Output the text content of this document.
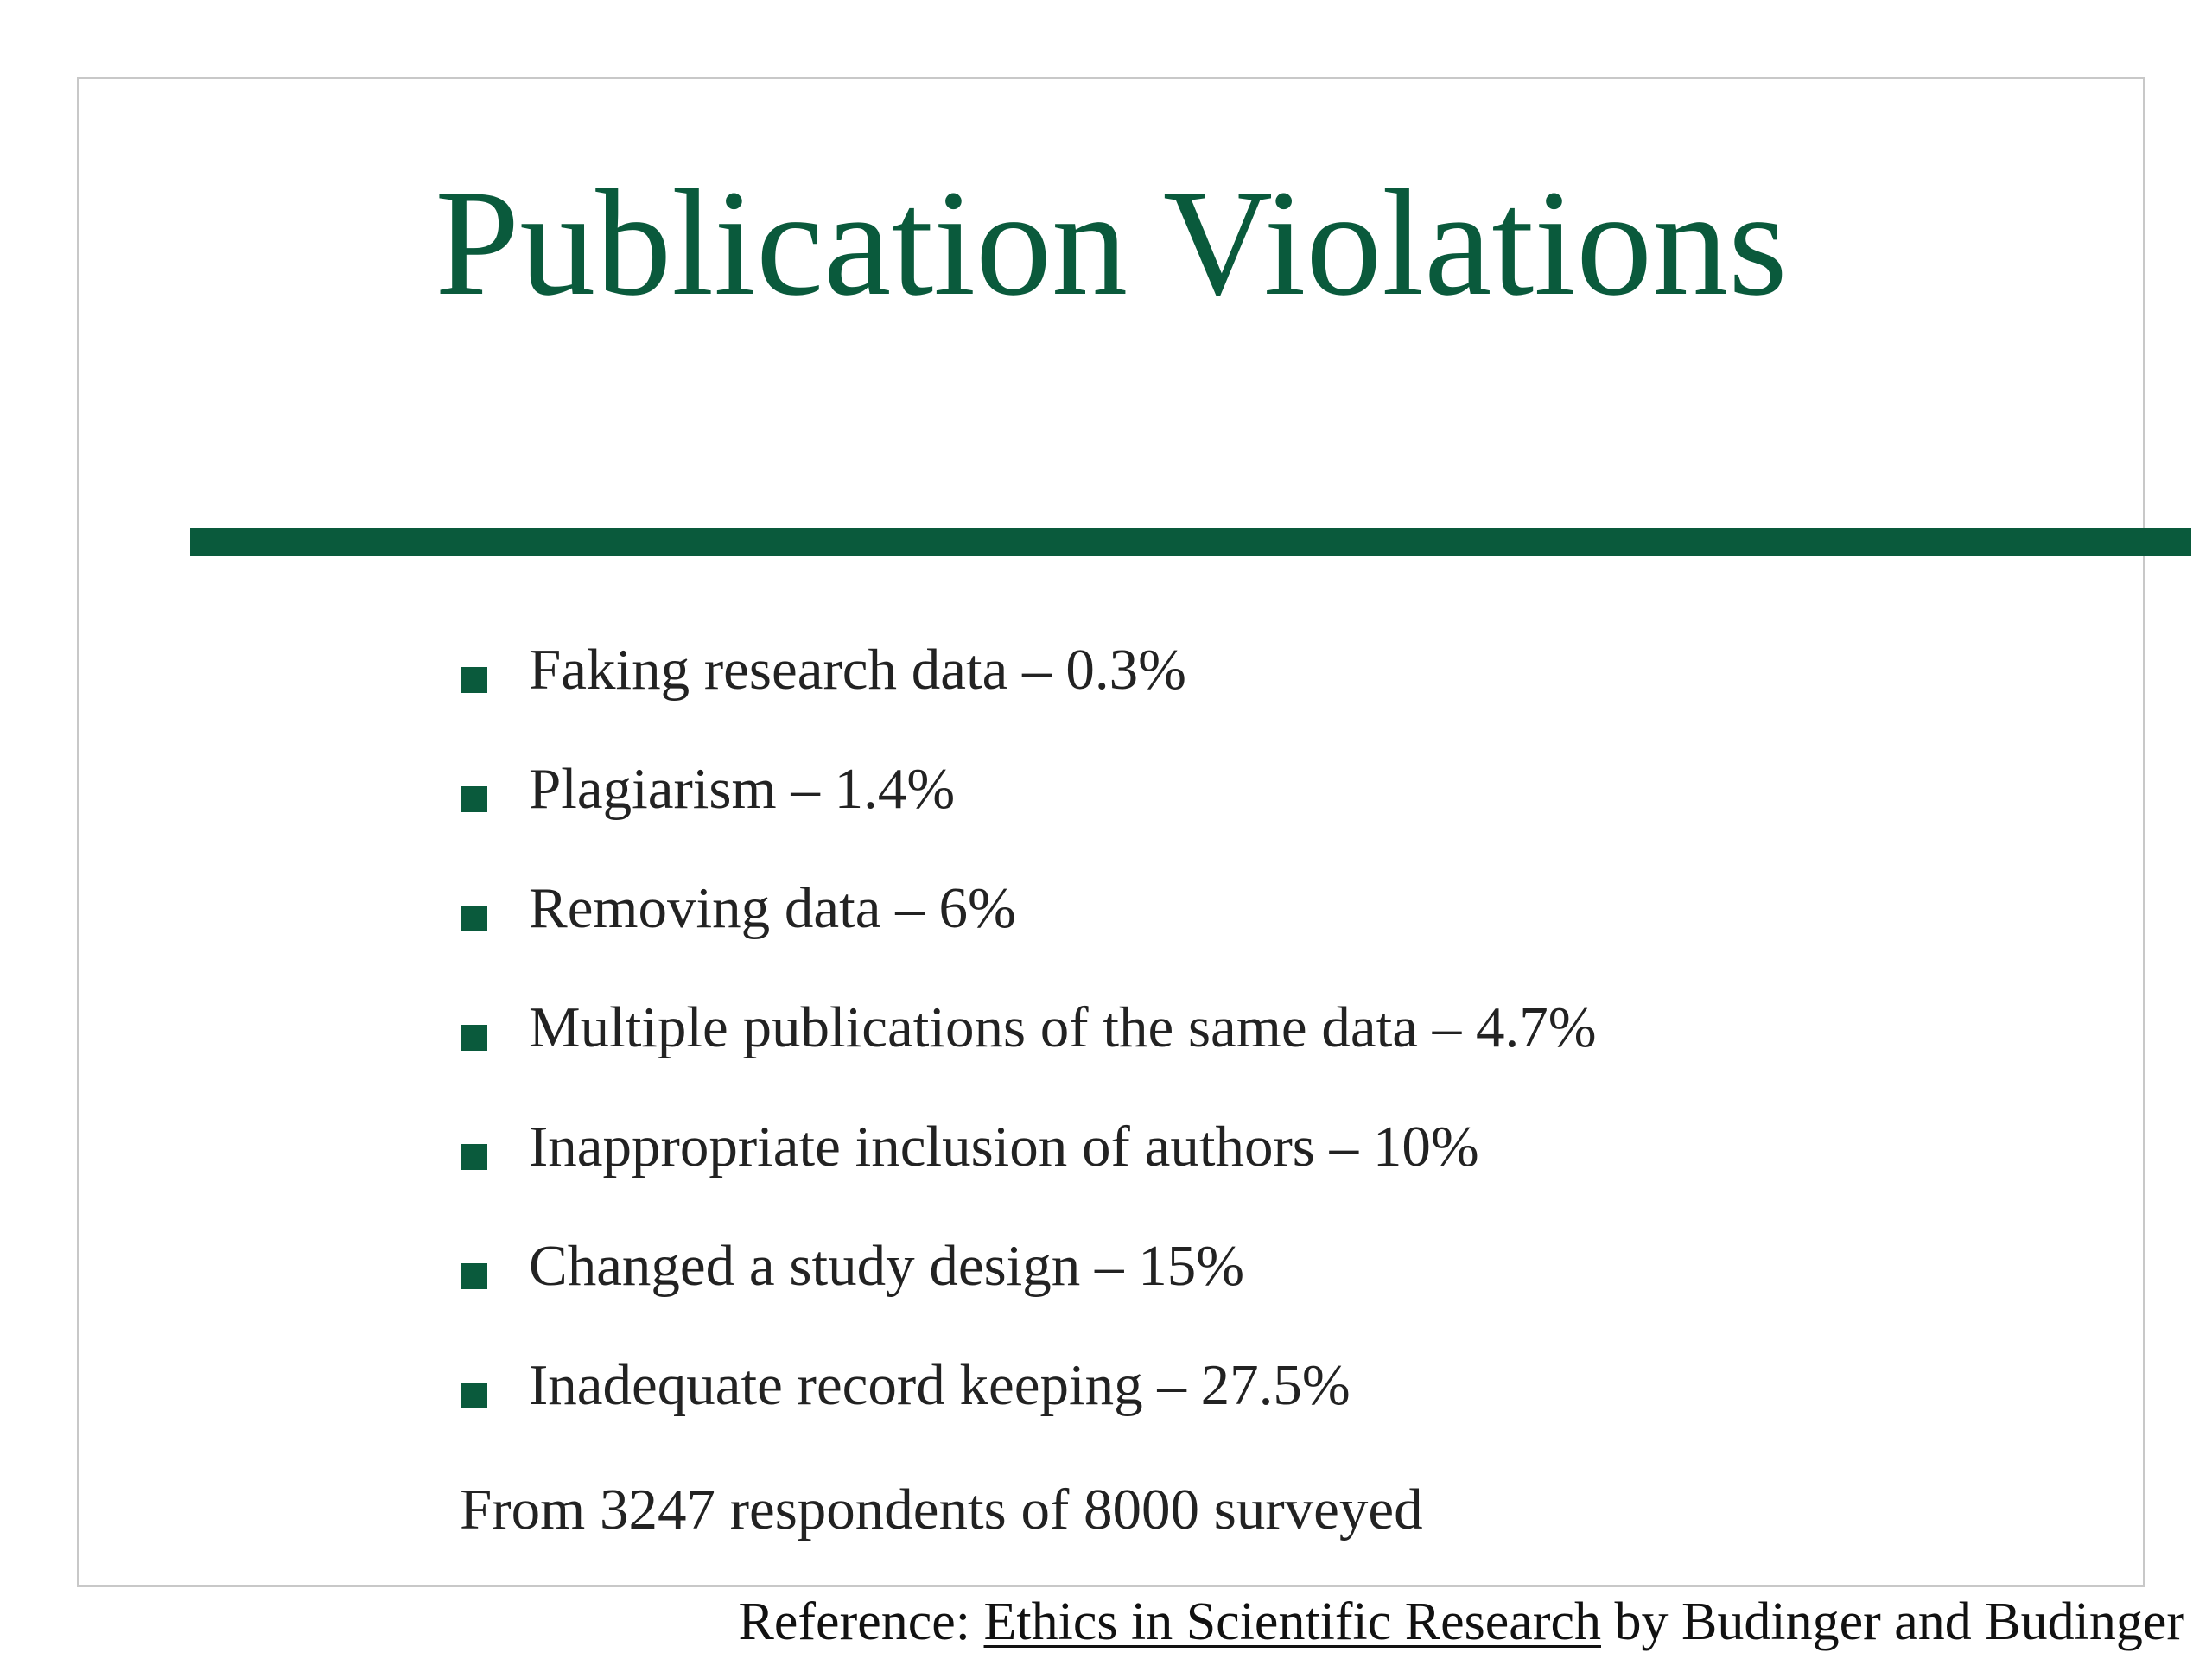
Publication Violations
Faking research data – 0.3%
Plagiarism – 1.4%
Removing data – 6%
Multiple publications of the same data – 4.7%
Inappropriate inclusion of authors – 10%
Changed a study design – 15%
Inadequate record keeping – 27.5%
From 3247 respondents of 8000 surveyed
Reference: Ethics in Scientific Research by Budinger and Budinger
